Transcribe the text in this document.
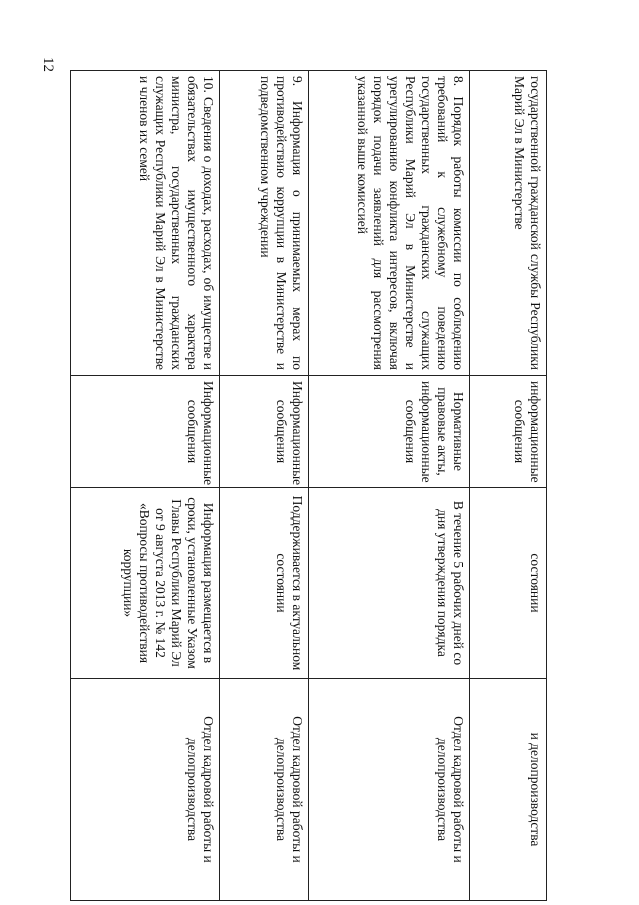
12
государственной гражданской службы Республики Марий Эл в Министерстве	информационные сообщения	состоянии	и делопроизводства
8. Порядок работы комиссии по соблюдению требований к служебному поведению государственных гражданских служащих Республики Марий Эл в Министерстве и урегулированию конфликта интересов, включая порядок подачи заявлений для рассмотрения указанной выше комиссией	Нормативные правовые акты, информационные сообщения	В течение 5 рабочих дней со дня утверждения порядка	Отдел кадровой работы и делопроизводства
9. Информация о принимаемых мерах по противодействию коррупции в Министерстве и подведомственном учреждении	Информационные сообщения	Поддерживается в актуальном состоянии	Отдел кадровой работы и делопроизводства
10. Сведения о доходах, расходах, об имуществе и обязательствах имущественного характера министра, государственных гражданских служащих Республики Марий Эл в Министерстве и членов их семей	Информационные сообщения	Информация размещается в сроки, установленные Указом Главы Республики Марий Эл от 9 августа 2013 г. № 142 «Вопросы противодействия коррупции»	Отдел кадровой работы и делопроизводства
